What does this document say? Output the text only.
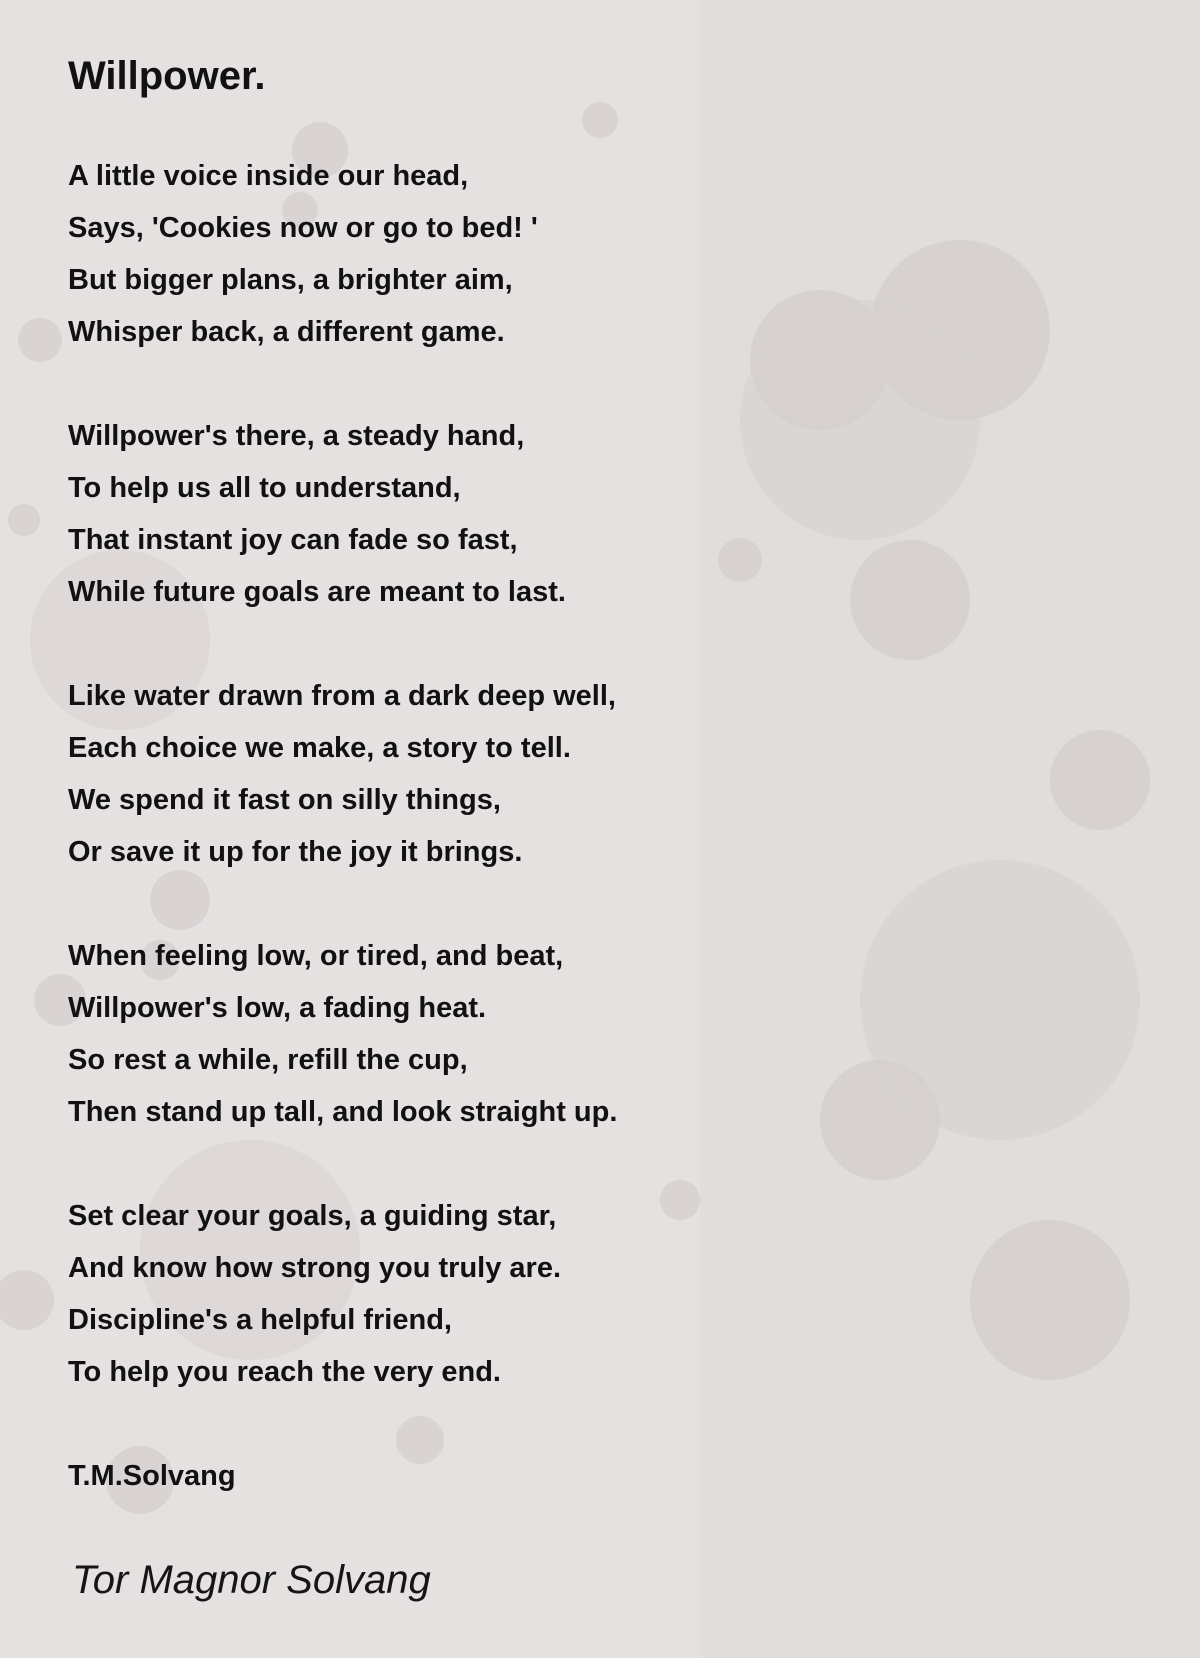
Willpower.
A little voice inside our head,
Says, 'Cookies now or go to bed! '
But bigger plans, a brighter aim,
Whisper back, a different game.
Willpower's there, a steady hand,
To help us all to understand,
That instant joy can fade so fast,
While future goals are meant to last.
Like water drawn from a dark deep well,
Each choice we make, a story to tell.
We spend it fast on silly things,
Or save it up for the joy it brings.
When feeling low, or tired, and beat,
Willpower's low, a fading heat.
So rest a while, refill the cup,
Then stand up tall, and look straight up.
Set clear your goals, a guiding star,
And know how strong you truly are.
Discipline's a helpful friend,
To help you reach the very end.
T.M.Solvang
Tor Magnor Solvang
